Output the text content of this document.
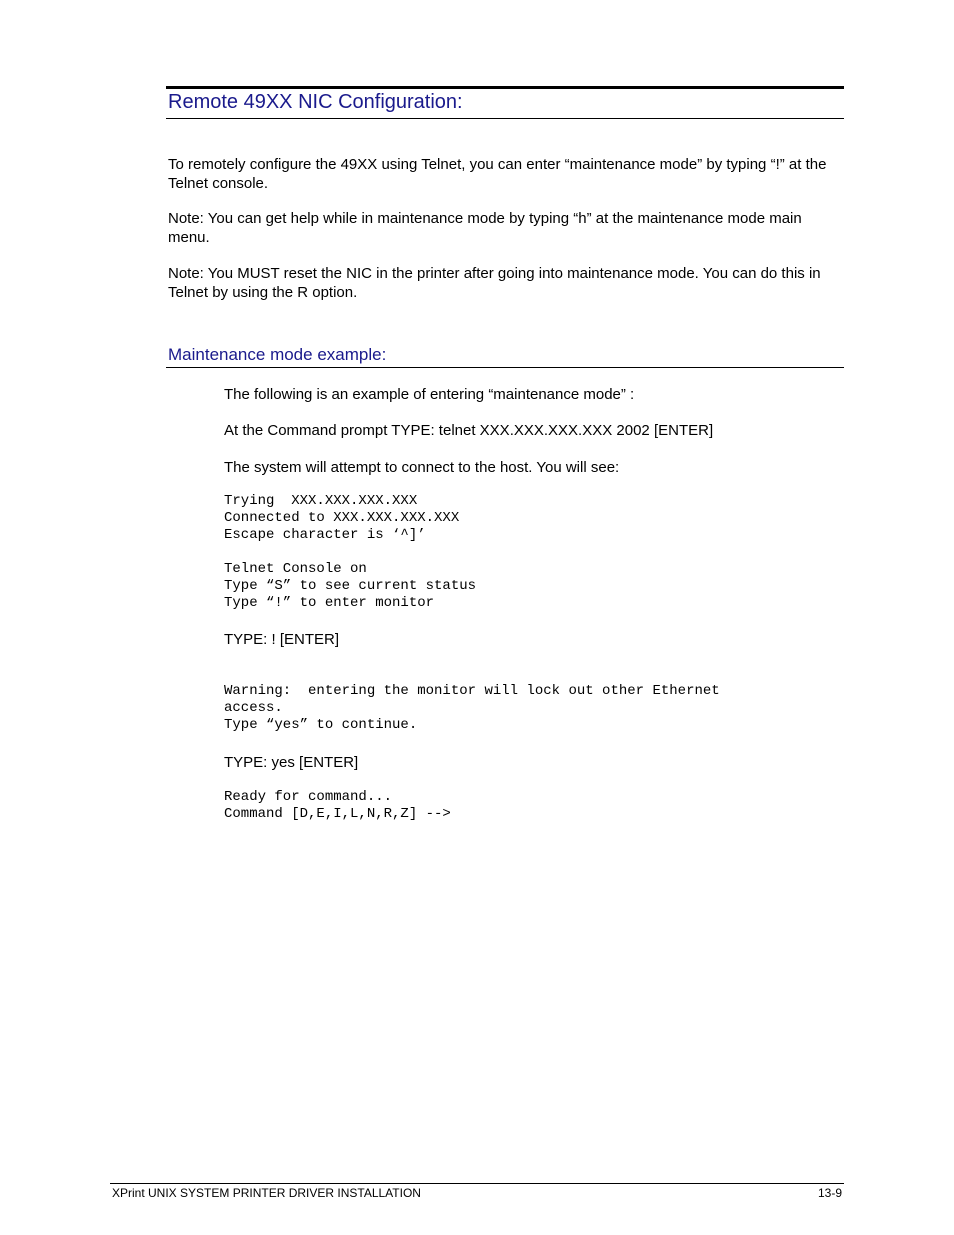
Remote 49XX NIC Configuration:
To remotely configure the 49XX using Telnet, you can enter “maintenance mode” by typing “!” at the Telnet console.
Note: You can get help while in maintenance mode by typing “h” at the maintenance mode main menu.
Note: You MUST reset the NIC in the printer after going into maintenance mode. You can do this in Telnet by using the R option.
Maintenance mode example:
The following is an example of entering “maintenance mode” :
At the Command prompt TYPE: telnet XXX.XXX.XXX.XXX 2002 [ENTER]
The system will attempt to connect to the host. You will see:
Trying  XXX.XXX.XXX.XXX
Connected to XXX.XXX.XXX.XXX
Escape character is ‘^]’

Telnet Console on
Type “S” to see current status
Type “!” to enter monitor
TYPE: ! [ENTER]
Warning:  entering the monitor will lock out other Ethernet
access.
Type “yes” to continue.
TYPE: yes [ENTER]
Ready for command...
Command [D,E,I,L,N,R,Z] -->
XPrint UNIX SYSTEM PRINTER DRIVER INSTALLATION	13-9
